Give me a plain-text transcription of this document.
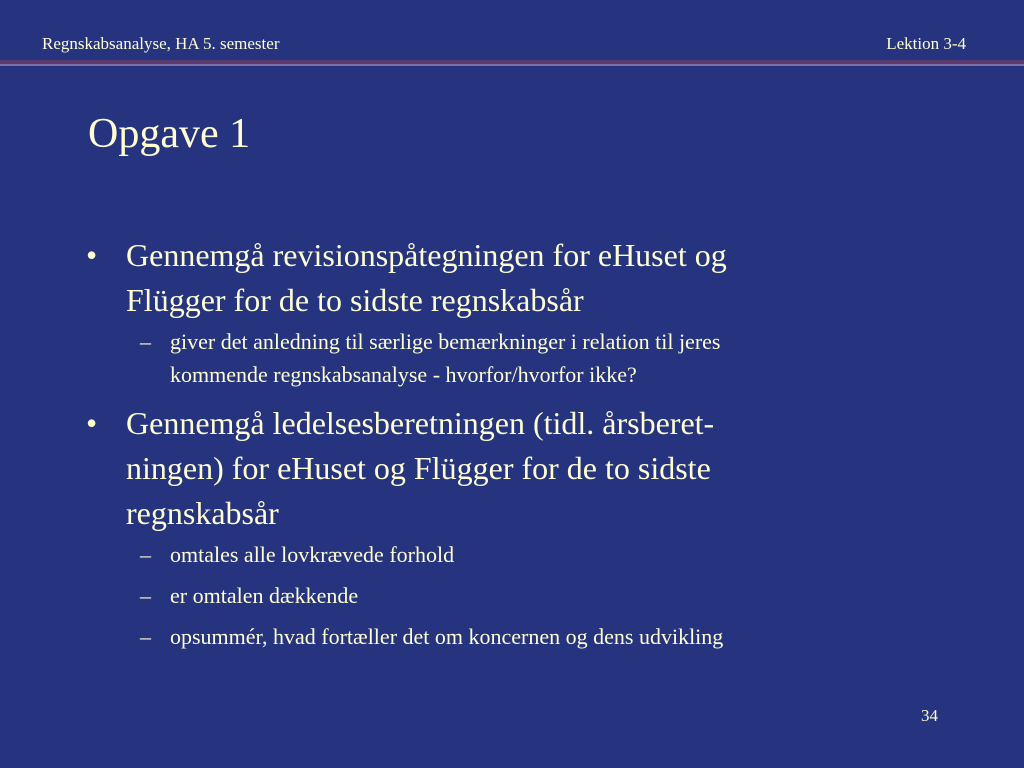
Regnskabsanalyse, HA 5. semester	Lektion 3-4
Opgave 1
• Gennemgå revisionspåtegningen for eHuset og
Flügger for de to sidste regnskabsår
– giver det anledning til særlige bemærkninger i relation til jeres
kommende regnskabsanalyse - hvorfor/hvorfor ikke?
• Gennemgå ledelsesberetningen (tidl. årsberet-
ningen) for eHuset og Flügger for de to sidste
regnskabsår
– omtales alle lovkrævede forhold
– er omtalen dækkende
– opsummér, hvad fortæller det om koncernen og dens udvikling
34
